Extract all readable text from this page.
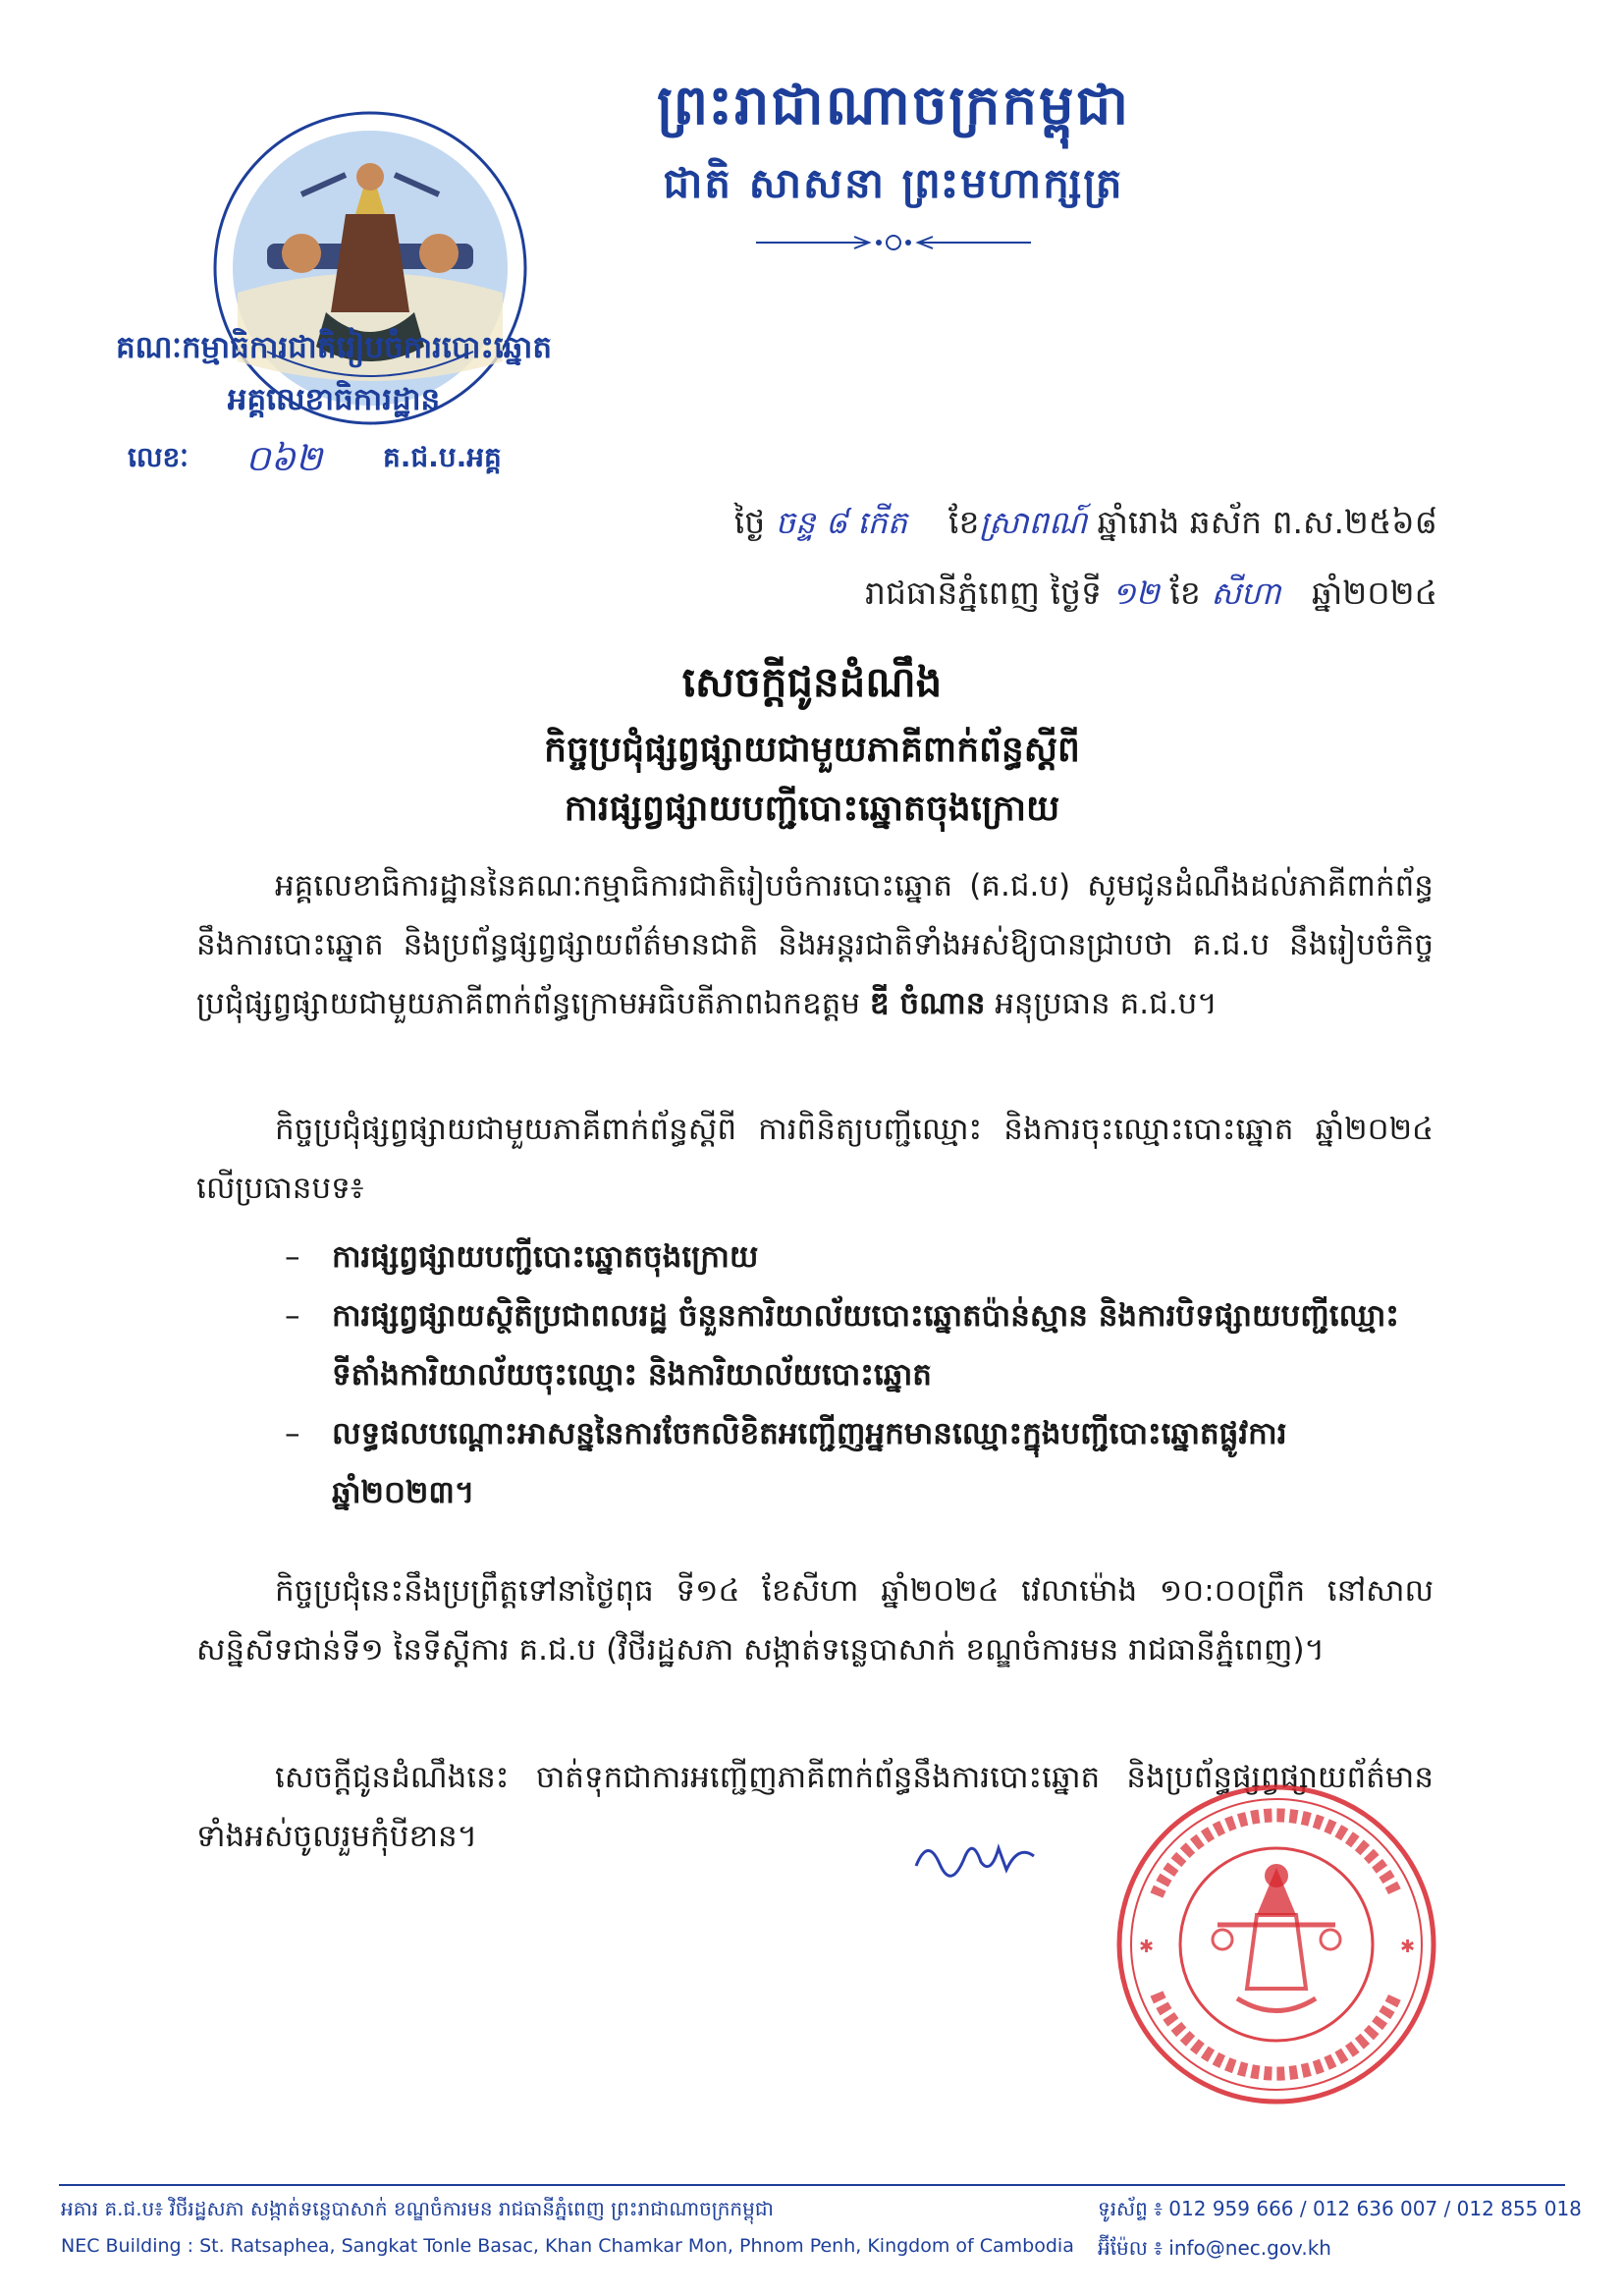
ព្រះរាជាណាចក្រកម្ពុជា
ជាតិ សាសនា ព្រះមហាក្សត្រ
គណៈកម្មាធិការជាតិរៀបចំការបោះឆ្នោត
អគ្គលេខាធិការដ្ឋាន
លេខៈ ០៦២ គ.ជ.ប.អគ្គ
ថ្ងៃ ចន្ទ ៨ កើត ខែស្រាពណ៍ ឆ្នាំរោង ឆស័ក ព.ស.២៥៦៨
រាជធានីភ្នំពេញ ថ្ងៃទី ១២ ខែ សីហា ឆ្នាំ២០២៤
សេចក្តីជូនដំណឹង
កិច្ចប្រជុំផ្សព្វផ្សាយជាមួយភាគីពាក់ព័ន្ធស្តីពី
ការផ្សព្វផ្សាយបញ្ជីបោះឆ្នោតចុងក្រោយ
អគ្គលេខាធិការដ្ឋាននៃគណៈកម្មាធិការជាតិរៀបចំការបោះឆ្នោត (គ.ជ.ប) សូមជូនដំណឹងដល់ភាគីពាក់ព័ន្ធនឹងការបោះឆ្នោត និងប្រព័ន្ធផ្សព្វផ្សាយព័ត៌មានជាតិ និងអន្តរជាតិទាំងអស់ឱ្យបានជ្រាបថា គ.ជ.ប នឹងរៀបចំកិច្ចប្រជុំផ្សព្វផ្សាយជាមួយភាគីពាក់ព័ន្ធក្រោមអធិបតីភាពឯកឧត្តម ឌី ចំណាន អនុប្រធាន គ.ជ.ប។
កិច្ចប្រជុំផ្សព្វផ្សាយជាមួយភាគីពាក់ព័ន្ធស្តីពី ការពិនិត្យបញ្ជីឈ្មោះ និងការចុះឈ្មោះបោះឆ្នោត ឆ្នាំ២០២៤ លើប្រធានបទ៖
– ការផ្សព្វផ្សាយបញ្ជីបោះឆ្នោតចុងក្រោយ
– ការផ្សព្វផ្សាយស្ថិតិប្រជាពលរដ្ឋ ចំនួនការិយាល័យបោះឆ្នោតប៉ាន់ស្មាន និងការបិទផ្សាយបញ្ជីឈ្មោះទីតាំងការិយាល័យចុះឈ្មោះ និងការិយាល័យបោះឆ្នោត
– លទ្ធផលបណ្តោះអាសន្ននៃការចែកលិខិតអញ្ជើញអ្នកមានឈ្មោះក្នុងបញ្ជីបោះឆ្នោតផ្លូវការ ឆ្នាំ២០២៣។
កិច្ចប្រជុំនេះនឹងប្រព្រឹត្តទៅនាថ្ងៃពុធ ទី១៤ ខែសីហា ឆ្នាំ២០២៤ វេលាម៉ោង ១០:០០ព្រឹក នៅសាលសន្និសីទជាន់ទី១ នៃទីស្តីការ គ.ជ.ប (វិថីរដ្ឋសភា សង្កាត់ទន្លេបាសាក់ ខណ្ឌចំការមន រាជធានីភ្នំពេញ)។
សេចក្តីជូនដំណឹងនេះ ចាត់ទុកជាការអញ្ជើញភាគីពាក់ព័ន្ធនឹងការបោះឆ្នោត និងប្រព័ន្ធផ្សព្វផ្សាយព័ត៌មានទាំងអស់ចូលរួមកុំបីខាន។
✱	✱
អគារ គ.ជ.ប៖ វិថីរដ្ឋសភា សង្កាត់ទន្លេបាសាក់ ខណ្ឌចំការមន រាជធានីភ្នំពេញ ព្រះរាជាណាចក្រកម្ពុជា
NEC Building : St. Ratsaphea, Sangkat Tonle Basac, Khan Chamkar Mon, Phnom Penh, Kingdom of Cambodia
ទូរស័ព្ទ ៖ 012 959 666 / 012 636 007 / 012 855 018
អ៊ីម៉ែល ៖ info@nec.gov.kh
